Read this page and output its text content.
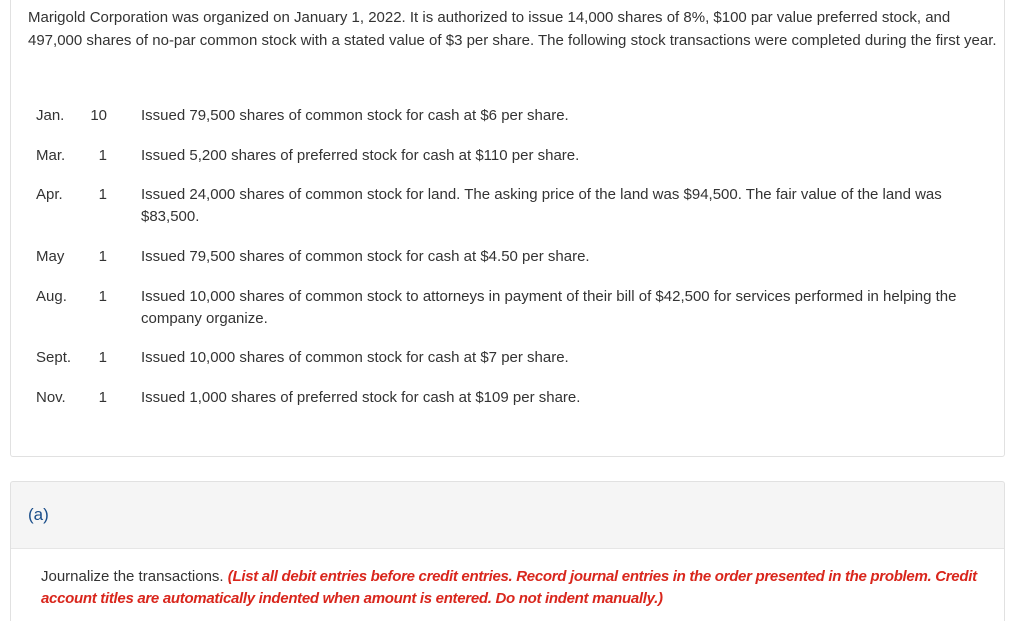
Marigold Corporation was organized on January 1, 2022. It is authorized to issue 14,000 shares of 8%, $100 par value preferred stock, and 497,000 shares of no-par common stock with a stated value of $3 per share. The following stock transactions were completed during the first year.

Jan. 10 Issued 79,500 shares of common stock for cash at $6 per share.
Mar.	1 Issued 5,200 shares of preferred stock for cash at $110 per share.
Apr.	1 Issued 24,000 shares of common stock for land. The asking price of the land was $94,500. The fair value of the land was $83,500.
May	1 Issued 79,500 shares of common stock for cash at $4.50 per share.
Aug.	1 Issued 10,000 shares of common stock to attorneys in payment of their bill of $42,500 for services performed in helping the company organize.
Sept.	1 Issued 10,000 shares of common stock for cash at $7 per share.
Nov.	1 Issued 1,000 shares of preferred stock for cash at $109 per share.
(a)

Journalize the transactions. (List all debit entries before credit entries. Record journal entries in the order presented in the problem. Credit account titles are automatically indented when amount is entered. Do not indent manually.)
